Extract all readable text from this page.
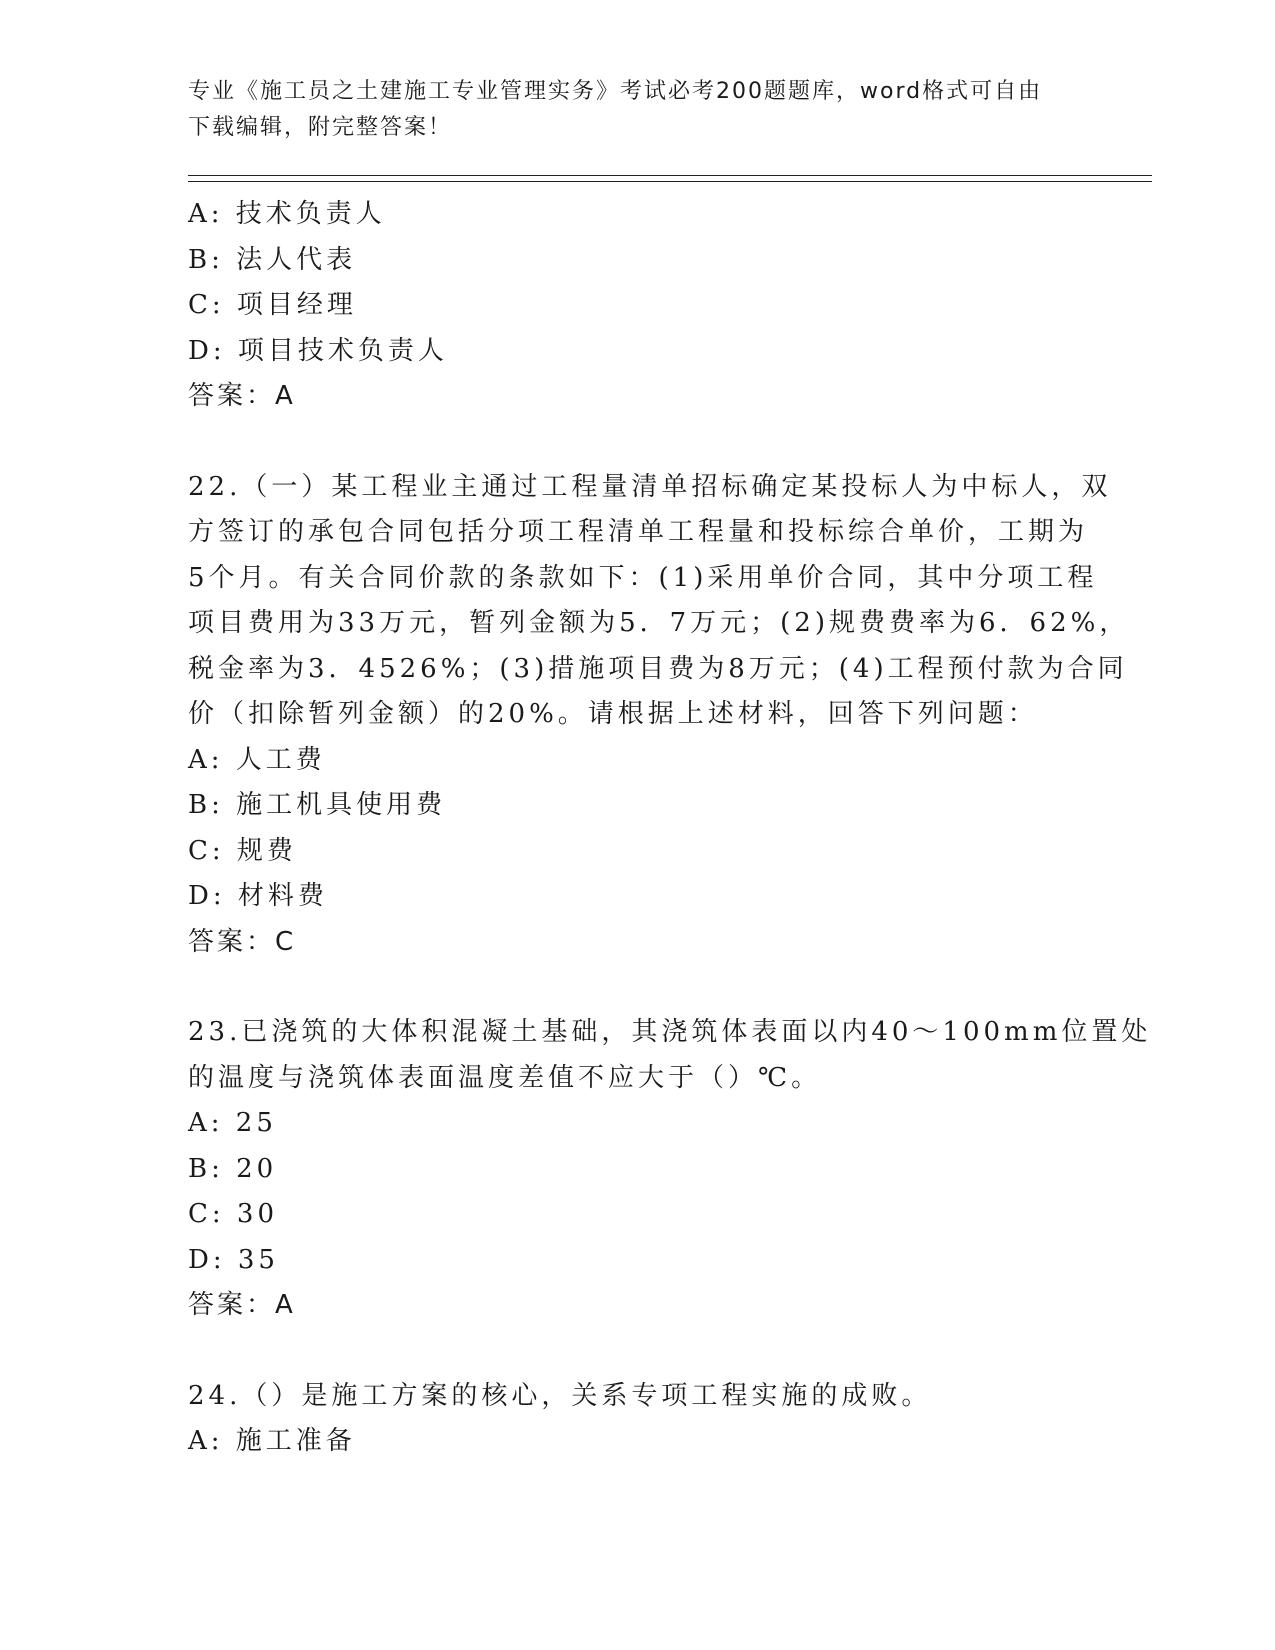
专业《施工员之土建施工专业管理实务》考试必考200题题库，word格式可自由
下载编辑，附完整答案！
A: 技术负责人
B: 法人代表
C: 项目经理
D: 项目技术负责人
答案：A
22.（一）某工程业主通过工程量清单招标确定某投标人为中标人，双
方签订的承包合同包括分项工程清单工程量和投标综合单价，工期为
5个月。有关合同价款的条款如下：(1)采用单价合同，其中分项工程
项目费用为33万元，暂列金额为5．7万元；(2)规费费率为6．62%，
税金率为3．4526%；(3)措施项目费为8万元；(4)工程预付款为合同
价（扣除暂列金额）的20%。请根据上述材料，回答下列问题：
A: 人工费
B: 施工机具使用费
C: 规费
D: 材料费
答案：C
23.已浇筑的大体积混凝土基础，其浇筑体表面以内40～100mm位置处
的温度与浇筑体表面温度差值不应大于（）℃。
A: 25
B: 20
C: 30
D: 35
答案：A
24.（）是施工方案的核心，关系专项工程实施的成败。
A: 施工准备
